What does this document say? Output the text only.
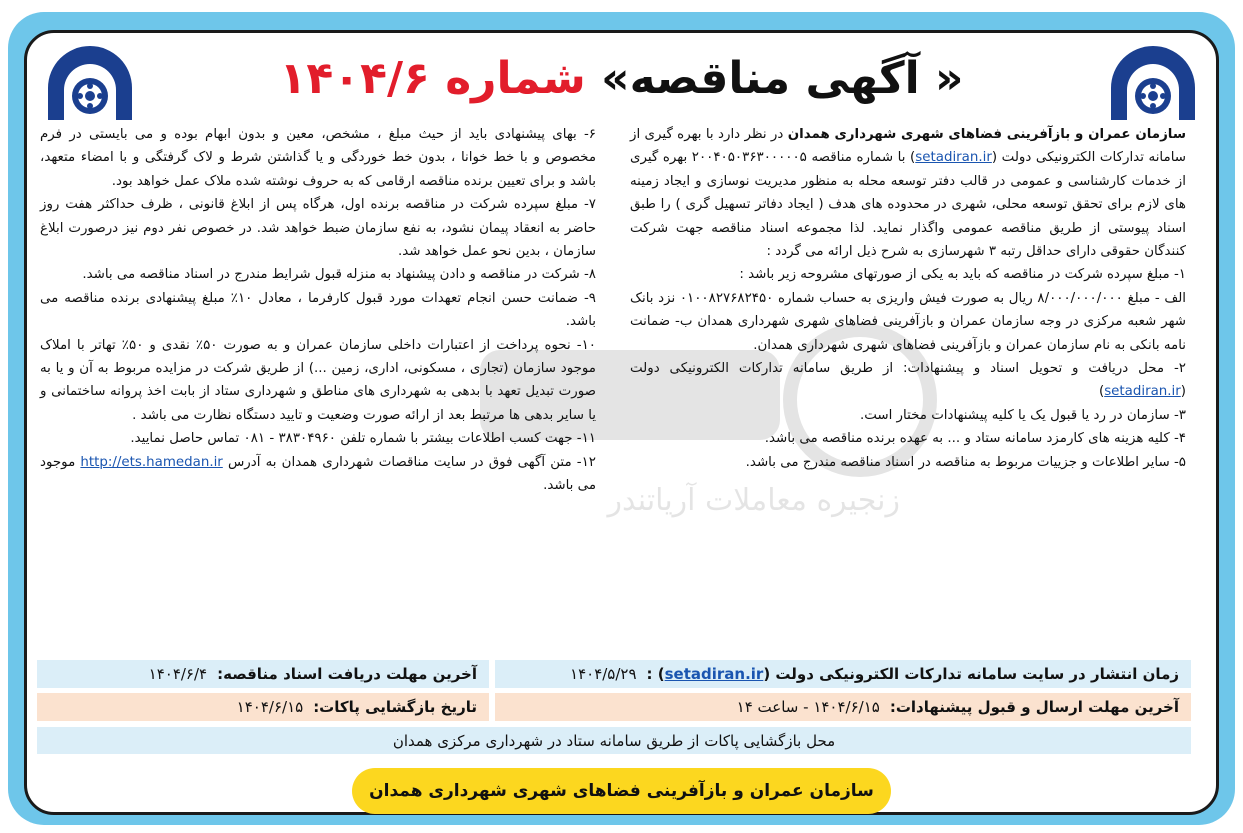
« آگهی مناقصه» شماره ۱۴۰۴/۶

سازمان عمران و بازآفرینی فضاهای شهری شهرداری همدان در نظر دارد با بهره گیری از سامانه تدارکات الکترونیکی دولت (setadiran.ir) با شماره مناقصه ۲۰۰۴۰۵۰۳۶۳۰۰۰۰۰۵ بهره گیری از خدمات کارشناسی و عمومی در قالب دفتر توسعه محله به منظور مدیریت نوسازی و ایجاد زمینه های لازم برای تحقق توسعه محلی، شهری در محدوده های هدف ( ایجاد دفاتر تسهیل گری ) را طبق اسناد پیوستی از طریق مناقصه عمومی واگذار نماید. لذا مجموعه اسناد مناقصه جهت شرکت کنندگان حقوقی دارای حداقل رتبه ۳ شهرسازی به شرح ذیل ارائه می گردد :

۱- مبلغ سپرده شرکت در مناقصه که باید به یکی از صورتهای مشروحه زیر باشد :

الف - مبلغ ۸/۰۰۰/۰۰۰/۰۰۰ ریال به صورت فیش واریزی به حساب شماره ۰۱۰۰۸۲۷۶۸۲۴۵۰ نزد بانک شهر شعبه مرکزی در وجه سازمان عمران و بازآفرینی فضاهای شهری شهرداری همدان ب- ضمانت نامه بانکی به نام سازمان عمران و بازآفرینی فضاهای شهری شهرداری همدان.

۲- محل دریافت و تحویل اسناد و پیشنهادات: از طریق سامانه تدارکات الکترونیکی دولت (setadiran.ir)

۳- سازمان در رد یا قبول یک یا کلیه پیشنهادات مختار است.

۴- کلیه هزینه های کارمزد سامانه ستاد و ... به عهده برنده مناقصه می باشد.

۵- سایر اطلاعات و جزییات مربوط به مناقصه در اسناد مناقصه مندرج می باشد.

۶- بهای پیشنهادی باید از حیث مبلغ ، مشخص، معین و بدون ابهام بوده و می بایستی در فرم مخصوص و با خط خوانا ، بدون خط خوردگی و یا گذاشتن شرط و لاک گرفتگی و با امضاء متعهد، باشد و برای تعیین برنده مناقصه ارقامی که به حروف نوشته شده ملاک عمل خواهد بود.

۷- مبلغ سپرده شرکت در مناقصه برنده اول، هرگاه پس از ابلاغ قانونی ، ظرف حداکثر هفت روز حاضر به انعقاد پیمان نشود، به نفع سازمان ضبط خواهد شد. در خصوص نفر دوم نیز درصورت ابلاغ سازمان ، بدین نحو عمل خواهد شد.

۸- شرکت در مناقصه و دادن پیشنهاد به منزله قبول شرایط مندرج در اسناد مناقصه می باشد.

۹- ضمانت حسن انجام تعهدات مورد قبول کارفرما ، معادل ۱۰٪ مبلغ پیشنهادی برنده مناقصه می باشد.

۱۰- نحوه پرداخت از اعتبارات داخلی سازمان عمران و به صورت ۵۰٪ نقدی و ۵۰٪ تهاتر با املاک موجود سازمان (تجاری ، مسکونی، اداری، زمین ...) از طریق شرکت در مزایده مربوط به آن و یا به صورت تبدیل تعهد با بدهی به شهرداری های مناطق و شهرداری ستاد از بابت اخذ پروانه ساختمانی و یا سایر بدهی ها مرتبط بعد از ارائه صورت وضعیت و تایید دستگاه نظارت می باشد .

۱۱- جهت کسب اطلاعات بیشتر با شماره تلفن ۳۸۳۰۴۹۶۰ - ۰۸۱ تماس حاصل نمایید.

۱۲- متن آگهی فوق در سایت مناقصات شهرداری همدان به آدرس http://ets.hamedan.ir موجود می باشد.

زمان انتشار در سایت سامانه تدارکات الکترونیکی دولت (setadiran.ir) :
۱۴۰۴/۵/۲۹
آخرین مهلت دریافت اسناد مناقصه:
۱۴۰۴/۶/۴
آخرین مهلت ارسال و قبول پیشنهادات:
۱۴۰۴/۶/۱۵ - ساعت ۱۴
تاریخ بازگشایی پاکات:
۱۴۰۴/۶/۱۵
محل بازگشایی پاکات از طریق سامانه ستاد در شهرداری مرکزی همدان
سازمان عمران و بازآفرینی فضاهای شهری شهرداری همدان
